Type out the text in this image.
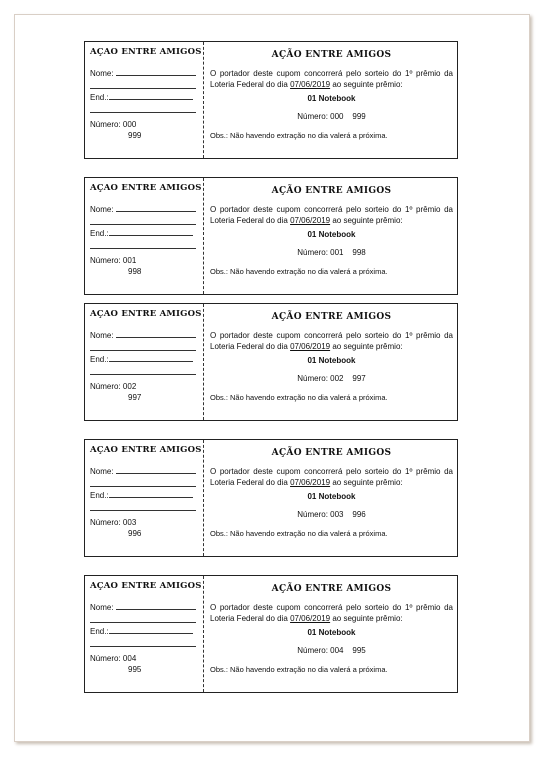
AÇAO ENTRE AMIGOS
Nome:
End.:
Número: 000
999
AÇÃO ENTRE AMIGOS
O portador deste cupom concorrerá pelo sorteio do 1º prêmio da Loteria Federal do dia 07/06/2019 ao seguinte prêmio:
01 Notebook
Número: 000 999
Obs.: Não havendo extração no dia valerá a próxima.
AÇAO ENTRE AMIGOS
Nome:
End.:
Número: 001
998
AÇÃO ENTRE AMIGOS
O portador deste cupom concorrerá pelo sorteio do 1º prêmio da Loteria Federal do dia 07/06/2019 ao seguinte prêmio:
01 Notebook
Número: 001 998
Obs.: Não havendo extração no dia valerá a próxima.
AÇAO ENTRE AMIGOS
Nome:
End.:
Número: 002
997
AÇÃO ENTRE AMIGOS
O portador deste cupom concorrerá pelo sorteio do 1º prêmio da Loteria Federal do dia 07/06/2019 ao seguinte prêmio:
01 Notebook
Número: 002 997
Obs.: Não havendo extração no dia valerá a próxima.
AÇAO ENTRE AMIGOS
Nome:
End.:
Número: 003
996
AÇÃO ENTRE AMIGOS
O portador deste cupom concorrerá pelo sorteio do 1º prêmio da Loteria Federal do dia 07/06/2019 ao seguinte prêmio:
01 Notebook
Número: 003 996
Obs.: Não havendo extração no dia valerá a próxima.
AÇAO ENTRE AMIGOS
Nome:
End.:
Número: 004
995
AÇÃO ENTRE AMIGOS
O portador deste cupom concorrerá pelo sorteio do 1º prêmio da Loteria Federal do dia 07/06/2019 ao seguinte prêmio:
01 Notebook
Número: 004 995
Obs.: Não havendo extração no dia valerá a próxima.
